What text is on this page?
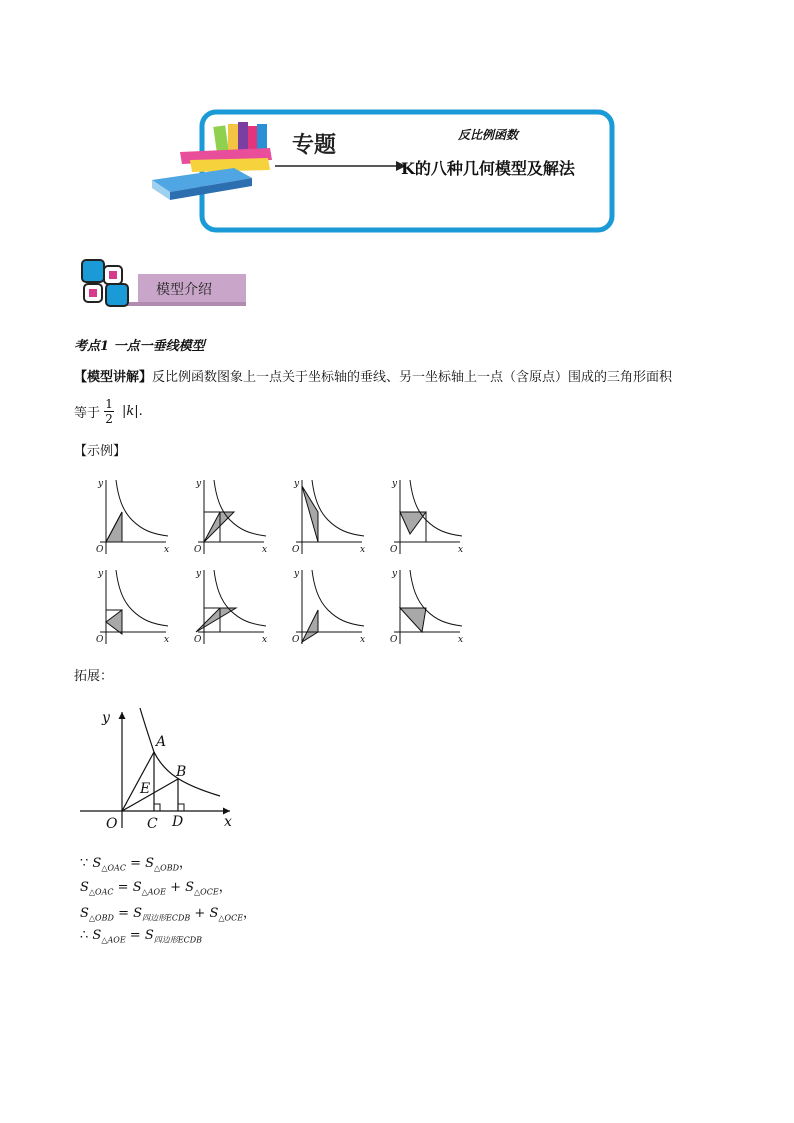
专题	反比例函数
K的八种几何模型及解法
模型介绍
考点1 一点一垂线模型
【模型讲解】反比例函数图象上一点关于坐标轴的垂线、另一坐标轴上一点（含原点）围成的三角形面积
等于 $\frac{1}{2} |k|$ .
【示例】
y
x
O
y
x
O
y
x
O
y
x
O
y
x
O
y
x
O
y
x
O
y
x
O
拓展：
y
x
O
A
B
C D
E
∵ $S_{\triangle OAC} = S_{\triangle OBD}$，
$S_{\triangle OAC} = S_{\triangle AOE} + S_{\triangle OCE}$，
$S_{\triangle OBD} = S_{四边形ECDB} + S_{\triangle OCE}$，
∴ $S_{\triangle AOE} = S_{四边形ECDB}$
